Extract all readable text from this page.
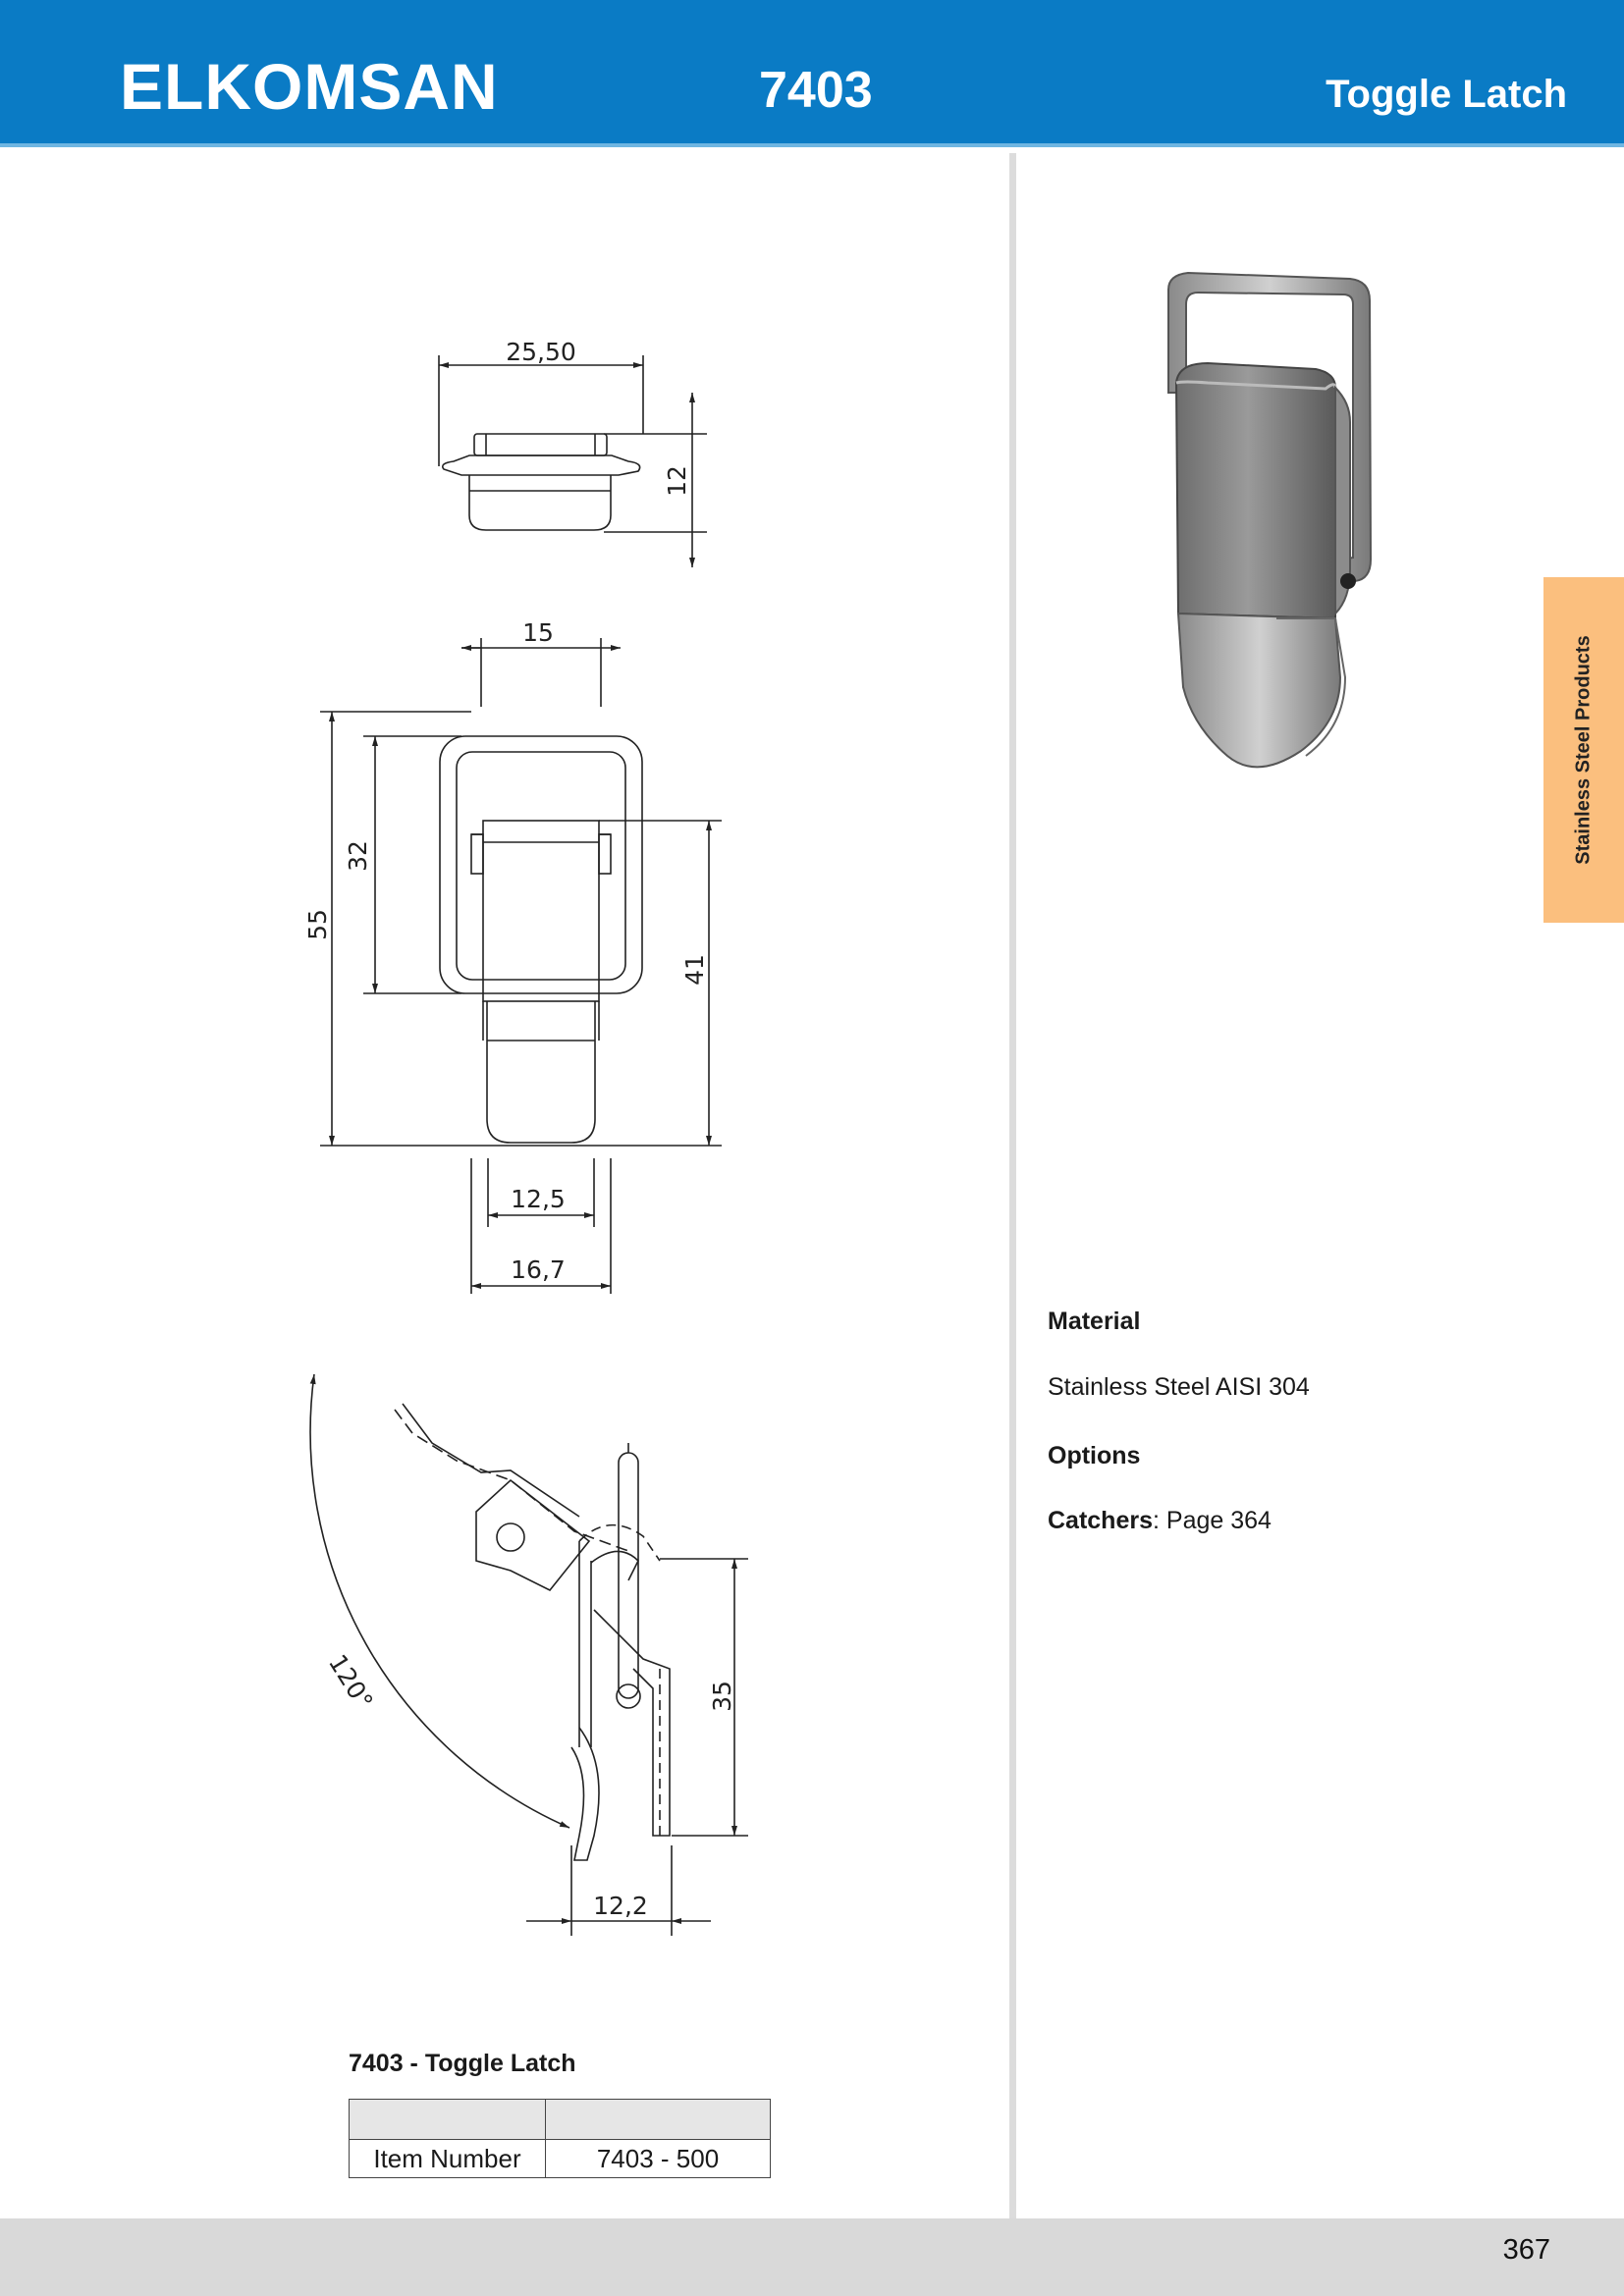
ELKOMSAN	7403	Toggle Latch
25,50
12
15
55
32
41
12,5
16,7
120°	35
12,2
Stainless Steel Products
Material
Stainless Steel AISI 304
Options
Catchers: Page 364
7403 - Toggle Latch

Item Number	7403 - 500
367
